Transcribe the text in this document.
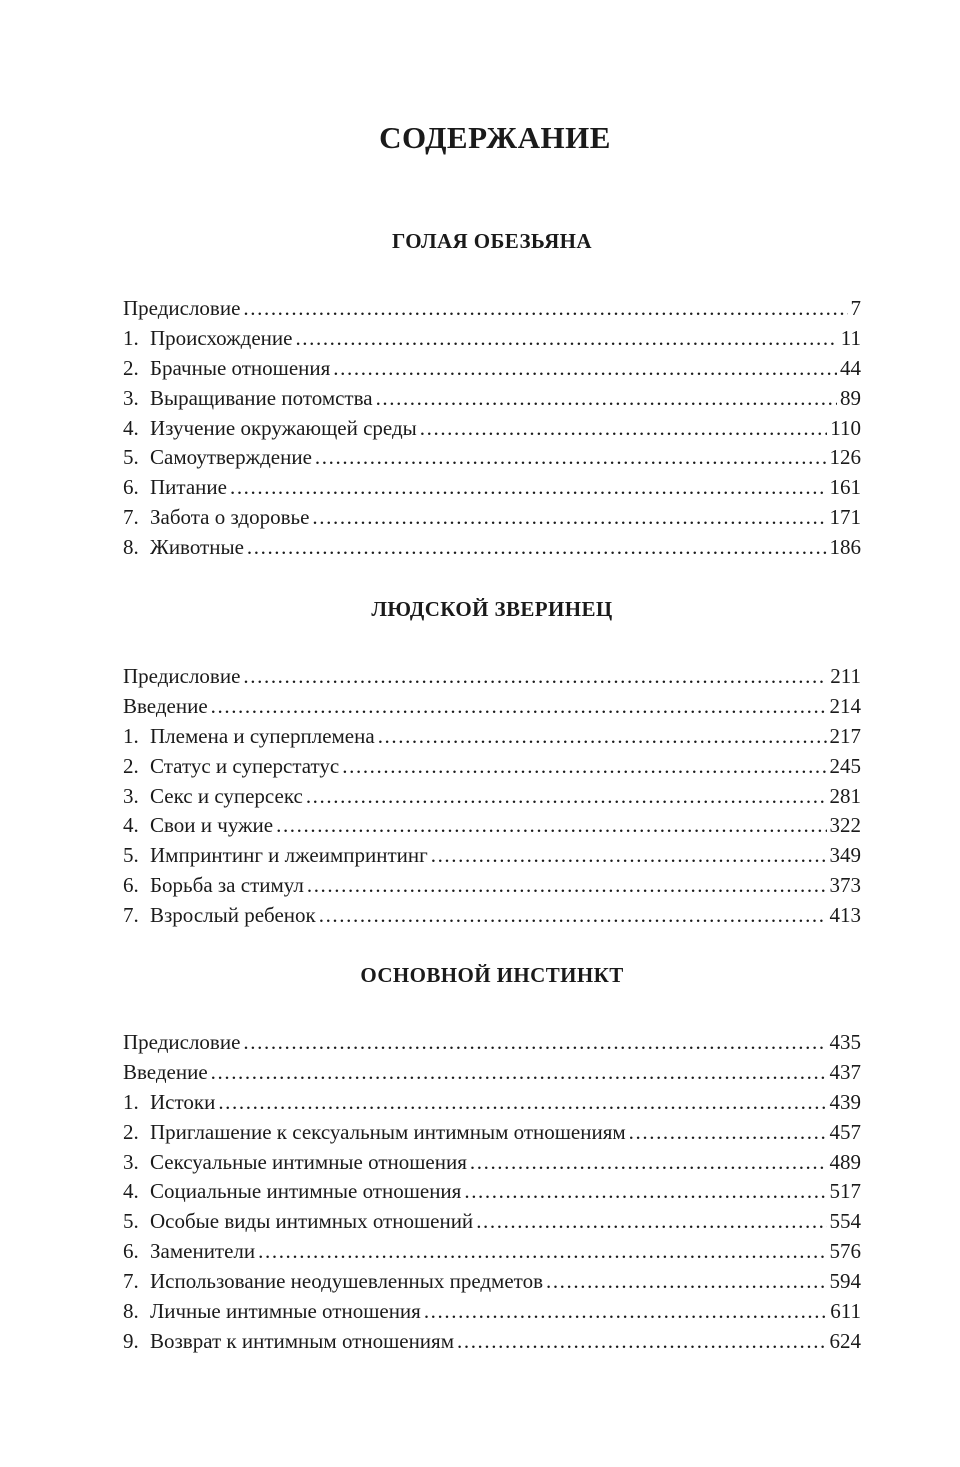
СОДЕРЖАНИЕ
ГОЛАЯ ОБЕЗЬЯНА
Предисловие .....	7
1. Происхождение .....	11
2. Брачные отношения .....	44
3. Выращивание потомства .....	89
4. Изучение окружающей среды .....	110
5. Самоутверждение .....	126
6. Питание .....	161
7. Забота о здоровье .....	171
8. Животные .....	186
ЛЮДСКОЙ ЗВЕРИНЕЦ
Предисловие .....	211
Введение .....	214
1. Племена и суперплемена .....	217
2. Статус и суперстатус .....	245
3. Секс и суперсекс .....	281
4. Свои и чужие .....	322
5. Импринтинг и лжеимпринтинг .....	349
6. Борьба за стимул .....	373
7. Взрослый ребенок .....	413
ОСНОВНОЙ ИНСТИНКТ
Предисловие .....	435
Введение .....	437
1. Истоки .....	439
2. Приглашение к сексуальным интимным отношениям .....	457
3. Сексуальные интимные отношения .....	489
4. Социальные интимные отношения .....	517
5. Особые виды интимных отношений .....	554
6. Заменители .....	576
7. Использование неодушевленных предметов .....	594
8. Личные интимные отношения .....	611
9. Возврат к интимным отношениям .....	624
